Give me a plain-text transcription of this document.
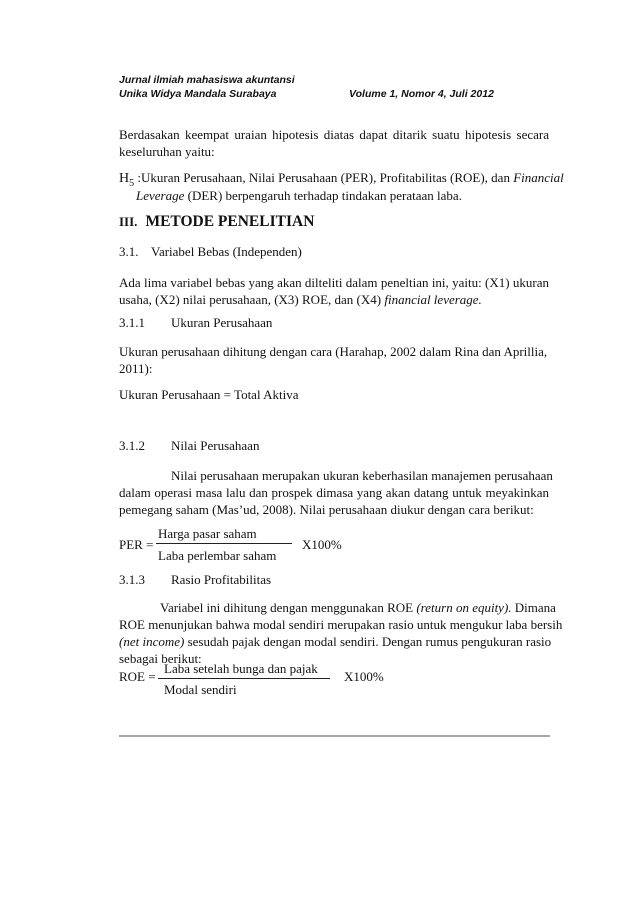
Jurnal ilmiah mahasiswa akuntansi
Unika Widya Mandala Surabaya	Volume 1, Nomor 4, Juli 2012
Berdasakan keempat uraian hipotesis diatas dapat ditarik suatu hipotesis secara
keseluruhan yaitu:
$H_5$ :Ukuran Perusahaan, Nilai Perusahaan (PER), Profitabilitas (ROE), dan Financial
Leverage (DER) berpengaruh terhadap tindakan perataan laba.
III. METODE PENELITIAN
3.1. Variabel Bebas (Independen)
Ada lima variabel bebas yang akan dilteliti dalam peneltian ini, yaitu: (X1) ukuran
usaha, (X2) nilai perusahaan, (X3) ROE, dan (X4) financial leverage.
3.1.1 Ukuran Perusahaan
Ukuran perusahaan dihitung dengan cara (Harahap, 2002 dalam Rina dan Aprillia,
2011):
Ukuran Perusahaan = Total Aktiva
3.1.2 Nilai Perusahaan
Nilai perusahaan merupakan ukuran keberhasilan manajemen perusahaan
dalam operasi masa lalu dan prospek dimasa yang akan datang untuk meyakinkan
pemegang saham (Mas’ud, 2008). Nilai perusahaan diukur dengan cara berikut:
Harga pasar saham
PER =	X100%
Laba perlembar saham
3.1.3 Rasio Profitabilitas
Variabel ini dihitung dengan menggunakan ROE (return on equity). Dimana
ROE menunjukan bahwa modal sendiri merupakan rasio untuk mengukur laba bersih
(net income) sesudah pajak dengan modal sendiri. Dengan rumus pengukuran rasio
sebagai berikut:
Laba setelah bunga dan pajak
ROE =	X100%
Modal sendiri
